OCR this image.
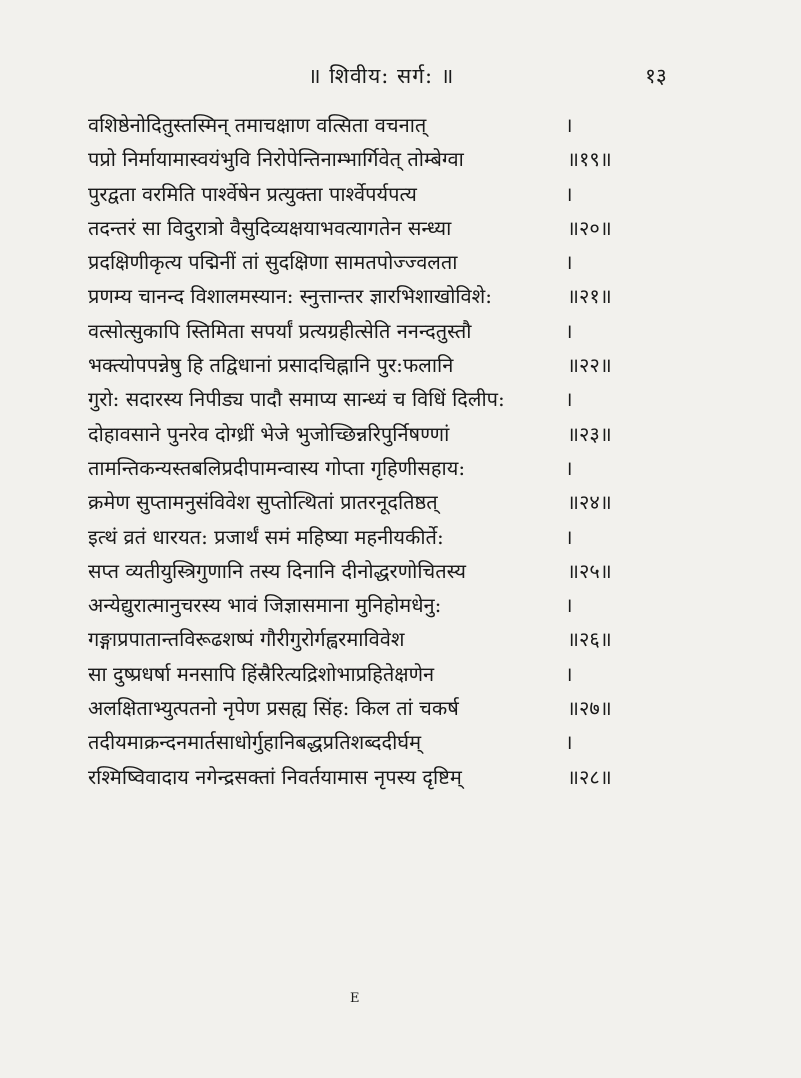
॥ शिवीय: सर्ग: ॥	१३
वशिष्ठेनोदितुस्तस्मिन् तमाचक्षाण वत्सिता वचनात्	।
पप्रो निर्मायामास्वयंभुवि निरोपेन्तिनाम्भार्गिवेत् तोम्बेग्वा	॥१९॥
पुरद्वता वरमिति पार्श्वेषेन प्रत्युक्ता पार्श्वेपर्यपत्य	।
तदन्तरं सा विदुरात्रो वैसुदिव्यक्षयाभवत्यागतेन सन्ध्या	॥२०॥
प्रदक्षिणीकृत्य पद्मिनीं तां सुदक्षिणा सामतपोज्ज्वलता	।
प्रणम्य चानन्द विशालमस्यान: स्नुत्तान्तर ज्ञारभिशाखोविशे:	॥२१॥
वत्सोत्सुकापि स्तिमिता सपर्यां प्रत्यग्रहीत्सेति ननन्दतुस्तौ	।
भक्त्योपपन्नेषु हि तद्विधानां प्रसादचिह्नानि पुर:फलानि	॥२२॥
गुरो: सदारस्य निपीड्य पादौ समाप्य सान्ध्यं च विधिं दिलीप:	।
दोहावसाने पुनरेव दोग्ध्रीं भेजे भुजोच्छिन्नरिपुर्निषण्णां	॥२३॥
तामन्तिकन्यस्तबलिप्रदीपामन्वास्य गोप्ता गृहिणीसहाय:	।
क्रमेण सुप्तामनुसंविवेश सुप्तोत्थितां प्रातरनूदतिष्ठत्	॥२४॥
इत्थं व्रतं धारयत: प्रजार्थं समं महिष्या महनीयकीर्ते:	।
सप्त व्यतीयुस्त्रिगुणानि तस्य दिनानि दीनोद्धरणोचितस्य	॥२५॥
अन्येद्युरात्मानुचरस्य भावं जिज्ञासमाना मुनिहोमधेनु:	।
गङ्गाप्रपातान्तविरूढशष्पं गौरीगुरोर्गह्वरमाविवेश	॥२६॥
सा दुष्प्रधर्षा मनसापि हिंस्रैरित्यद्रिशोभाप्रहितेक्षणेन	।
अलक्षिताभ्युत्पतनो नृपेण प्रसह्य सिंह: किल तां चकर्ष	॥२७॥
तदीयमाक्रन्दनमार्तसाधोर्गुहानिबद्धप्रतिशब्ददीर्घम्	।
रश्मिष्विवादाय नगेन्द्रसक्तां निवर्तयामास नृपस्य दृष्टिम्	॥२८॥
E
